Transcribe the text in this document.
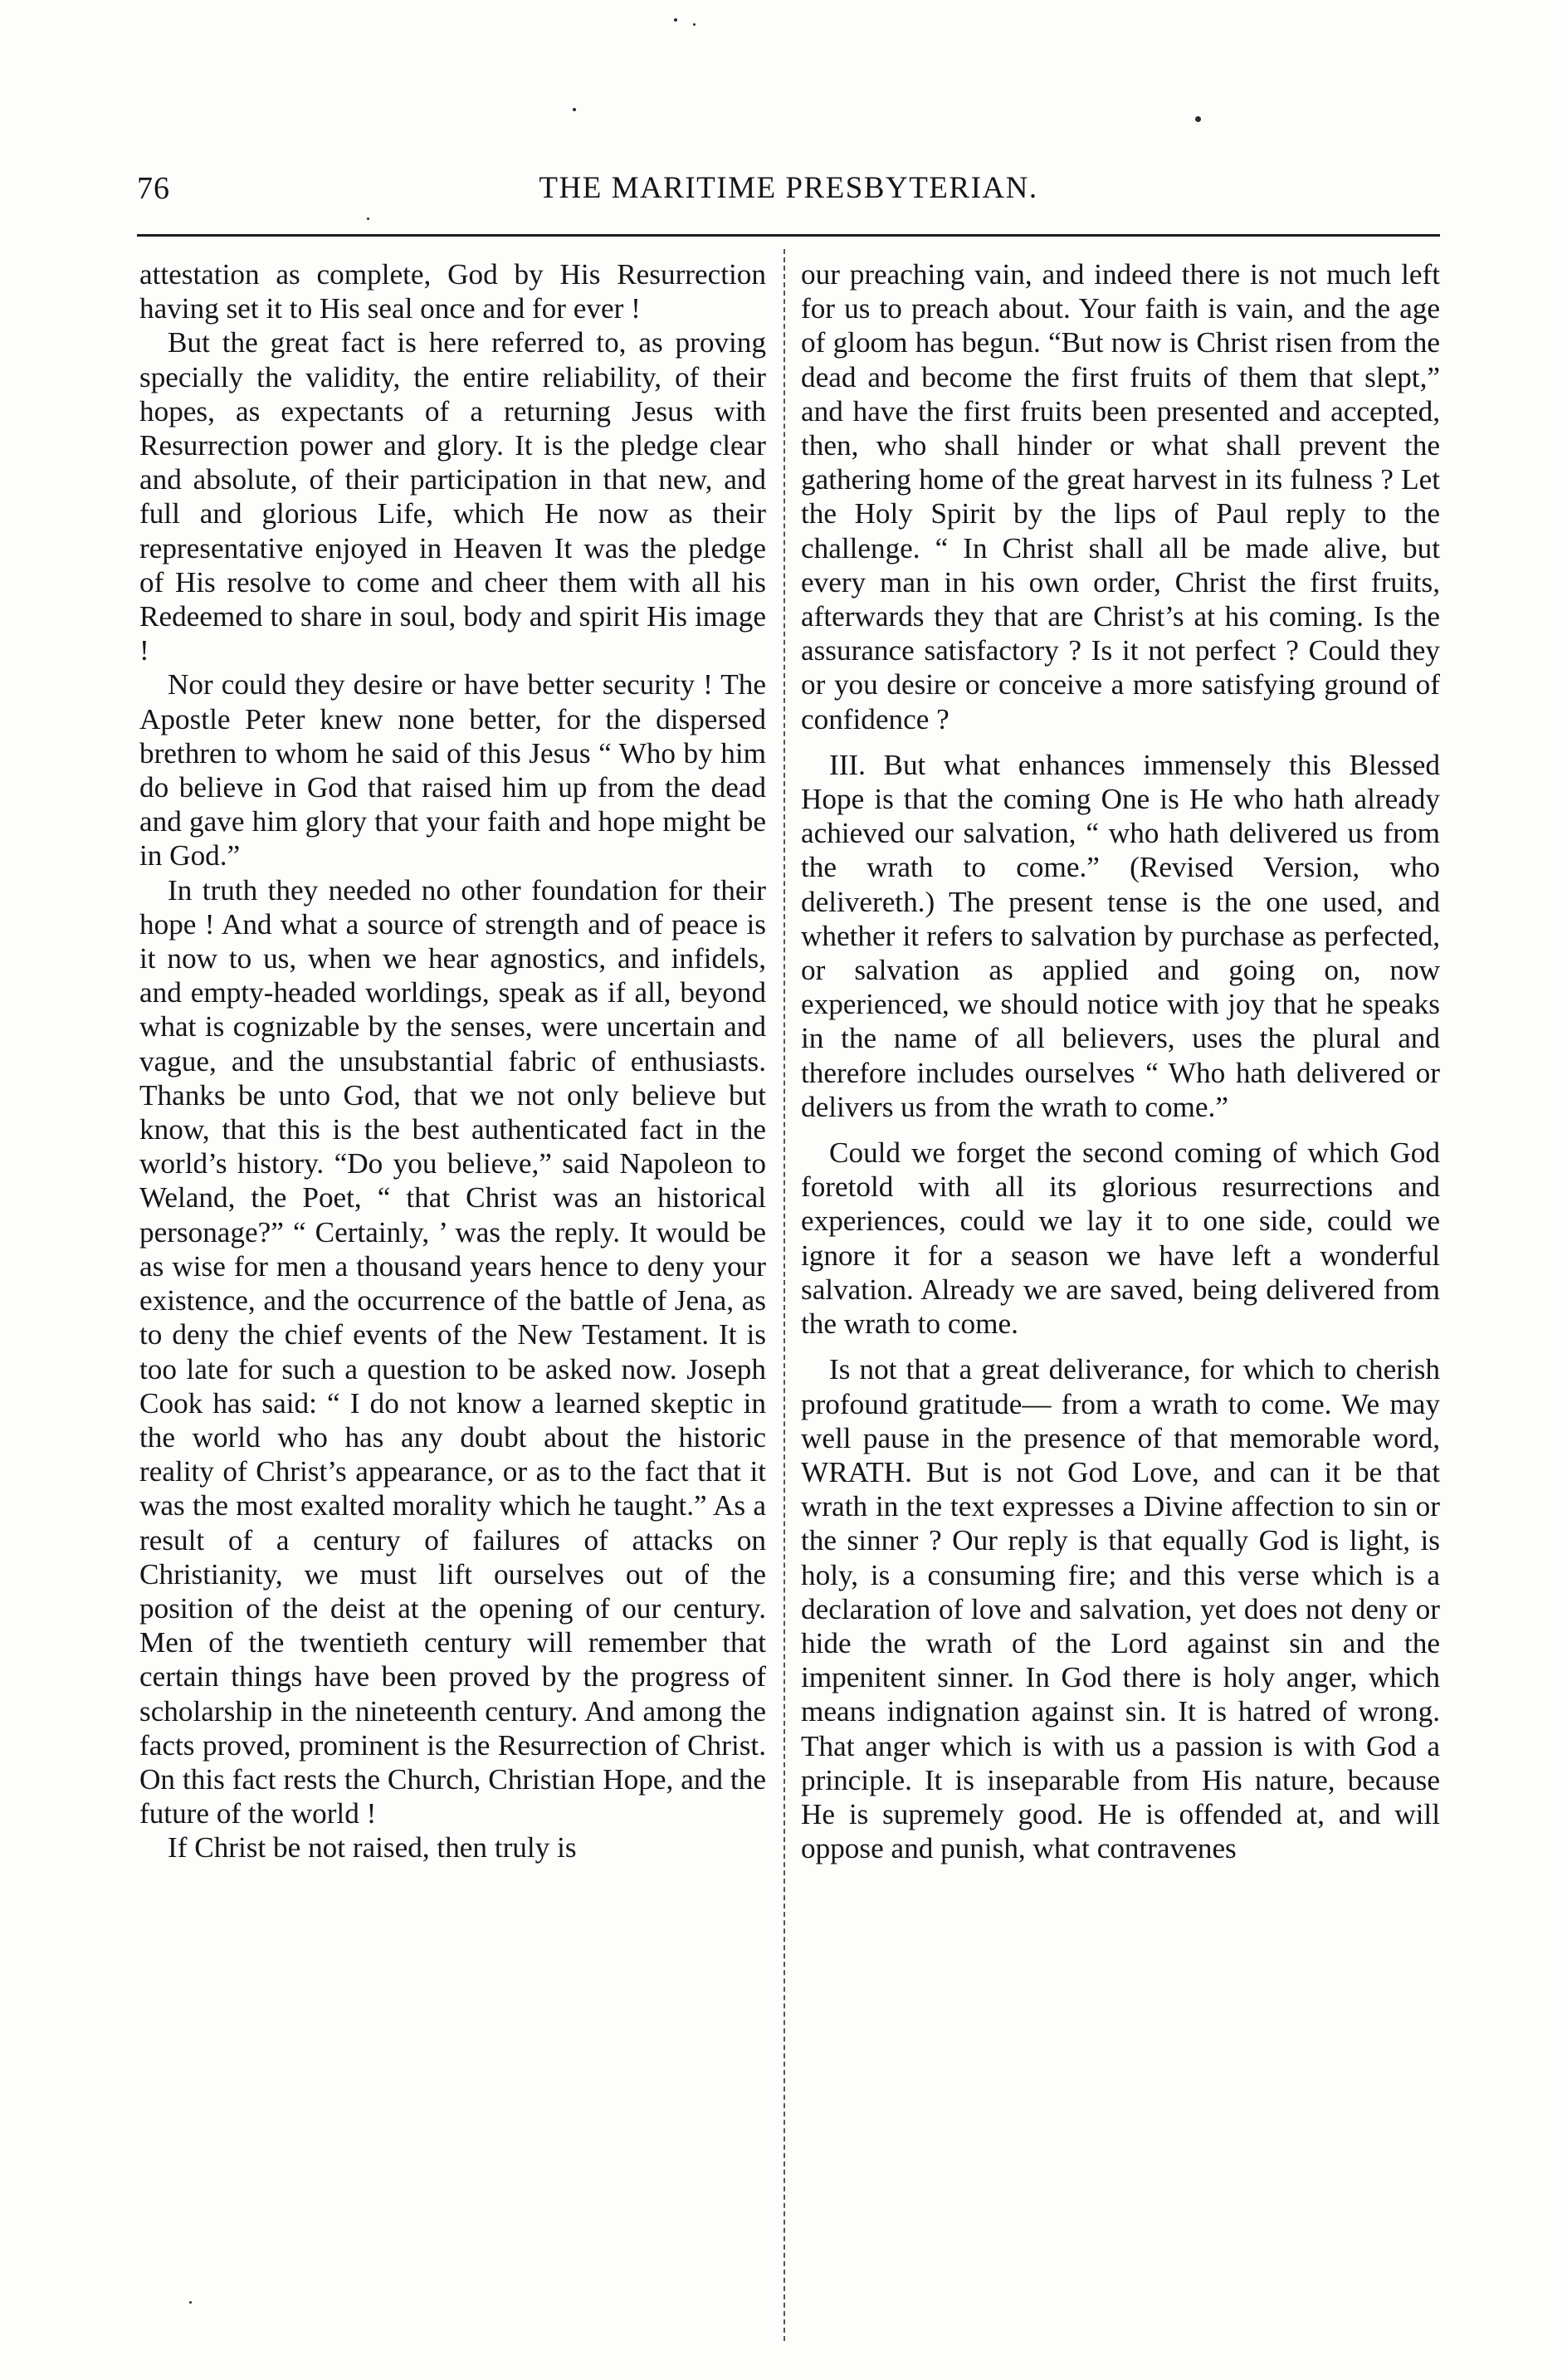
76	THE MARITIME PRESBYTERIAN.

attestation as complete, God by His Resurrection having set it to His seal once and for ever !

But the great fact is here referred to, as proving specially the validity, the entire reliability, of their hopes, as expectants of a returning Jesus with Resurrection power and glory. It is the pledge clear and absolute, of their participation in that new, and full and glorious Life, which He now as their representative enjoyed in Heaven It was the pledge of His resolve to come and cheer them with all his Redeemed to share in soul, body and spirit His image !

Nor could they desire or have better security ! The Apostle Peter knew none better, for the dispersed brethren to whom he said of this Jesus “ Who by him do believe in God that raised him up from the dead and gave him glory that your faith and hope might be in God.”

In truth they needed no other foundation for their hope ! And what a source of strength and of peace is it now to us, when we hear agnostics, and infidels, and empty-headed worldings, speak as if all, beyond what is cognizable by the senses, were uncertain and vague, and the unsubstantial fabric of enthusiasts. Thanks be unto God, that we not only believe but know, that this is the best authenticated fact in the world’s history. “Do you believe,” said Napoleon to Weland, the Poet, “ that Christ was an historical personage?” “ Certainly, ’ was the reply. It would be as wise for men a thousand years hence to deny your existence, and the occurrence of the battle of Jena, as to deny the chief events of the New Testament. It is too late for such a question to be asked now. Joseph Cook has said: “ I do not know a learned skeptic in the world who has any doubt about the historic reality of Christ’s appearance, or as to the fact that it was the most exalted morality which he taught.” As a result of a century of failures of attacks on Christianity, we must lift ourselves out of the position of the deist at the opening of our century. Men of the twentieth century will remember that certain things have been proved by the progress of scholarship in the nineteenth century. And among the facts proved, prominent is the Resurrection of Christ. On this fact rests the Church, Christian Hope, and the future of the world !

If Christ be not raised, then truly is

our preaching vain, and indeed there is not much left for us to preach about. Your faith is vain, and the age of gloom has begun. “But now is Christ risen from the dead and become the first fruits of them that slept,” and have the first fruits been presented and accepted, then, who shall hinder or what shall prevent the gathering home of the great harvest in its fulness ? Let the Holy Spirit by the lips of Paul reply to the challenge. “ In Christ shall all be made alive, but every man in his own order, Christ the first fruits, afterwards they that are Christ’s at his coming. Is the assurance satisfactory ? Is it not perfect ? Could they or you desire or conceive a more satisfying ground of confidence ?

III. But what enhances immensely this Blessed Hope is that the coming One is He who hath already achieved our salvation, “ who hath delivered us from the wrath to come.” (Revised Version, who delivereth.) The present tense is the one used, and whether it refers to salvation by purchase as perfected, or salvation as applied and going on, now experienced, we should notice with joy that he speaks in the name of all believers, uses the plural and therefore includes ourselves “ Who hath delivered or delivers us from the wrath to come.”

Could we forget the second coming of which God foretold with all its glorious resurrections and experiences, could we lay it to one side, could we ignore it for a season we have left a wonderful salvation. Already we are saved, being delivered from the wrath to come.

Is not that a great deliverance, for which to cherish profound gratitude— from a wrath to come. We may well pause in the presence of that memorable word, WRATH. But is not God Love, and can it be that wrath in the text expresses a Divine affection to sin or the sinner ? Our reply is that equally God is light, is holy, is a consuming fire; and this verse which is a declaration of love and salvation, yet does not deny or hide the wrath of the Lord against sin and the impenitent sinner. In God there is holy anger, which means indignation against sin. It is hatred of wrong. That anger which is with us a passion is with God a principle. It is inseparable from His nature, because He is supremely good. He is offended at, and will oppose and punish, what contravenes
